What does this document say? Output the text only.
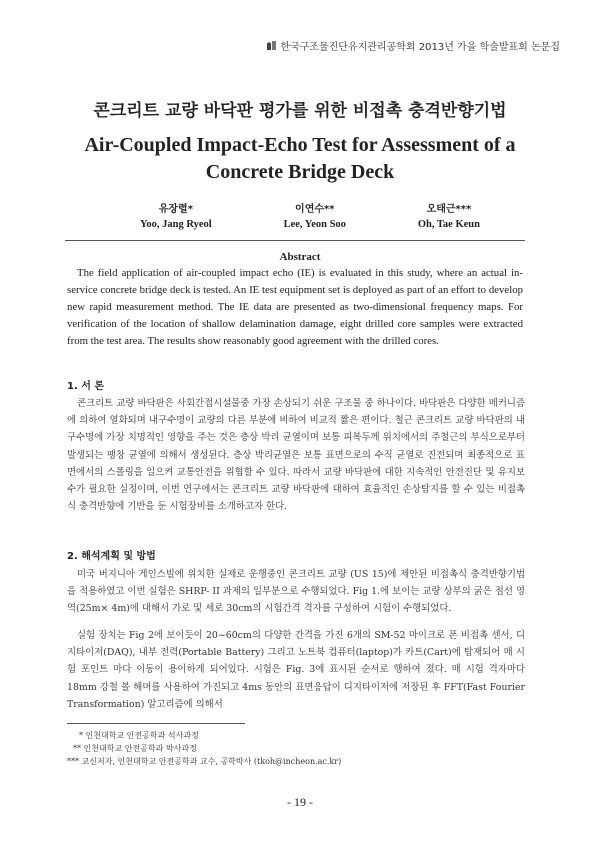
한국구조물진단유지관리공학회 2013년 가을 학술발표회 논문집
콘크리트 교량 바닥판 평가를 위한 비접촉 충격반향기법
Air-Coupled Impact-Echo Test for Assessment of a
Concrete Bridge Deck
유장렬*
Yoo, Jang Ryeol
이연수**
Lee, Yeon Soo
오태근***
Oh, Tae Keun
Abstract
The field application of air-coupled impact echo (IE) is evaluated in this study, where an actual in-service concrete bridge deck is tested. An IE test equipment set is deployed as part of an effort to develop new rapid measurement method. The IE data are presented as two-dimensional frequency maps. For verification of the location of shallow delamination damage, eight drilled core samples were extracted from the test area. The results show reasonably good agreement with the drilled cores.
1. 서 론
콘크리트 교량 바닥판은 사회간접시설물중 가장 손상되기 쉬운 구조물 중 하나이다. 바닥판은 다양한 메커니즘에 의하여 열화되며 내구수명이 교량의 다른 부분에 비하여 비교적 짧은 편이다. 철근 콘크리트 교량 바닥판의 내구수명에 가장 치명적인 영향을 주는 것은 층상 박리 균열이며 보통 피복두께 위치에서의 주철근의 부식으로부터 발생되는 팽창 균열에 의해서 생성된다. 층상 박리균열은 보통 표면으로의 수직 균열로 진전되며 최종적으로 표면에서의 스폴링을 일으켜 교통안전을 위협할 수 있다. 따라서 교량 바닥판에 대한 지속적인 안전진단 및 유지보수가 필요한 실정이며, 이번 연구에서는 콘크리트 교량 바닥판에 대하여 효율적인 손상탐지를 할 수 있는 비접촉식 충격반향에 기반을 둔 시험장비를 소개하고자 한다.
2. 해석계획 및 방법
미국 버지니아 게인스빌에 위치한 실제로 운행중인 콘크리트 교량 (US 15)에 제안된 비접촉식 충격반향기법을 적용하였고 이번 실험은 SHRP- II 과제의 일부분으로 수행되었다. Fig 1.에 보이는 교량 상부의 굵은 점선 영역(25m× 4m)에 대해서 가로 및 세로 30cm의 시험간격 격자를 구성하여 시험이 수행되었다.
실험 장치는 Fig 2에 보이듯이 20~60cm의 다양한 간격을 가진 6개의 SM-52 마이크로 폰 비접촉 센서, 디지타이저(DAQ), 내부 전력(Portable Battery) 그리고 노트북 컴퓨터(laptop)가 카트(Cart)에 탑재되어 매 시험 포인트 마다 이동이 용이하게 되어있다. 시험은 Fig. 3에 표시된 순서로 행하여 졌다. 매 시험 격자마다 18mm 강철 볼 해머를 사용하여 가진되고 4ms 동안의 표면응답이 디지타이저에 저장된 후 FFT(Fast Fourier Transformation) 알고리즘에 의해서
* 인천대학교 안전공학과 석사과정
** 인천대학교 안전공학과 박사과정
*** 교신저자, 인천대학교 안전공학과 교수, 공학박사 (tkoh@incheon.ac.kr)
- 19 -
